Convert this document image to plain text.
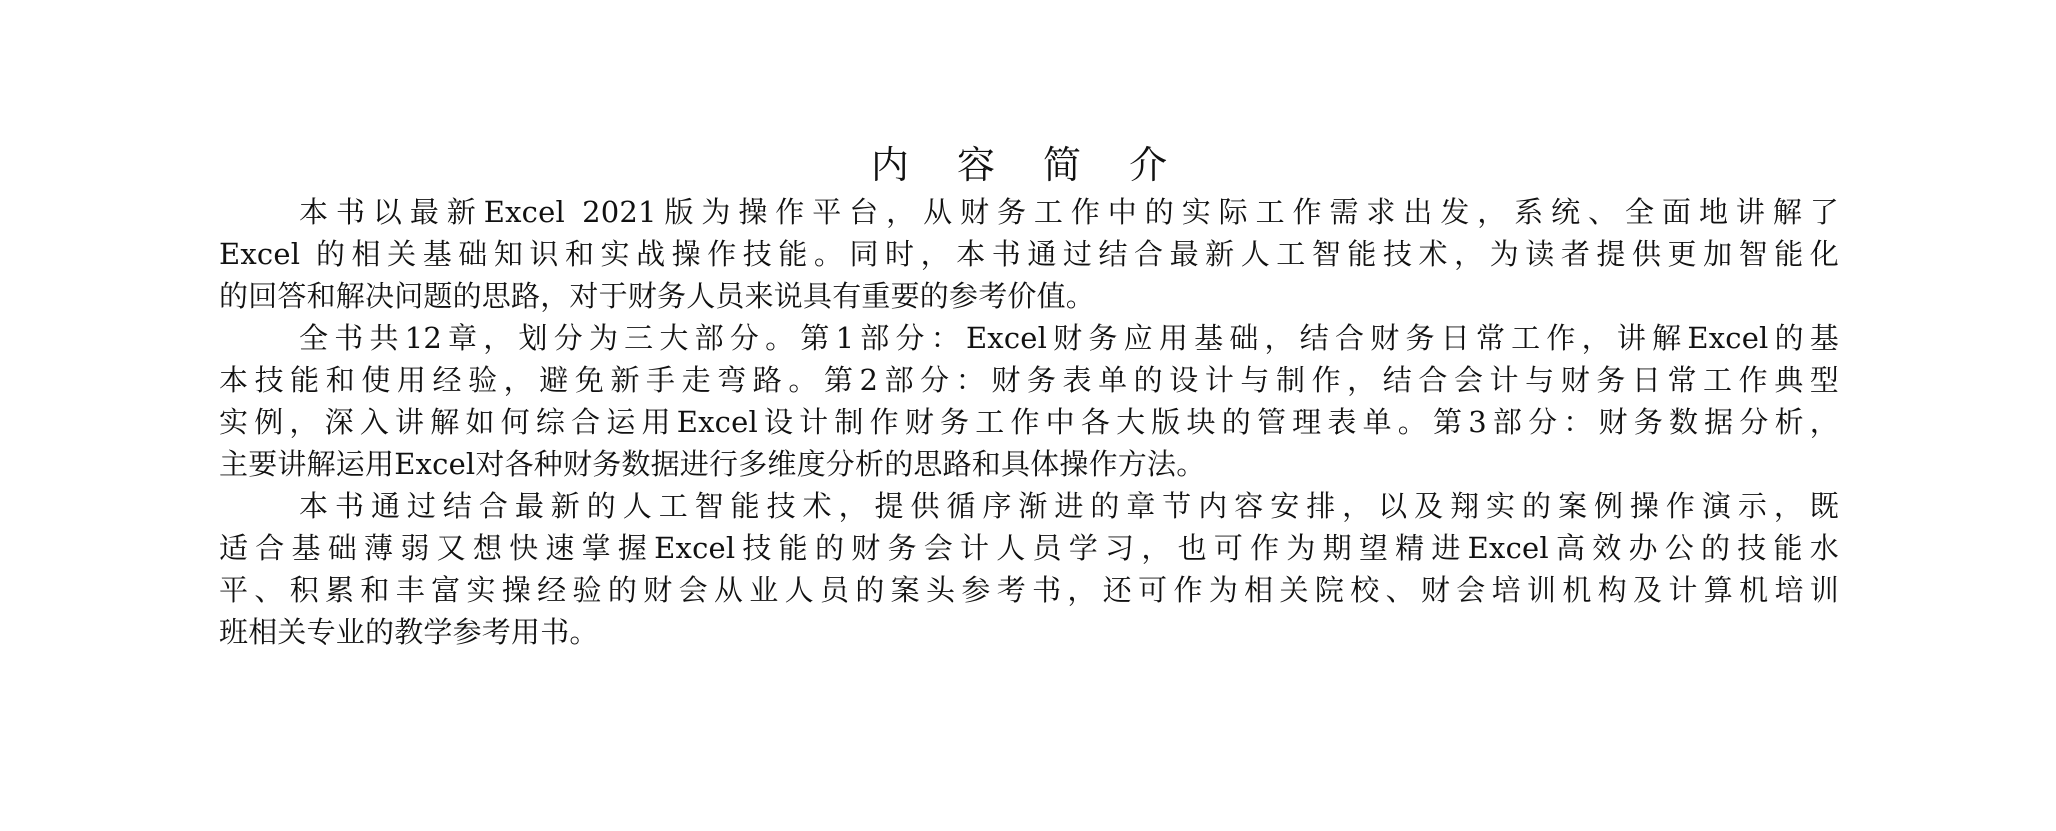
内 容 简 介
本书以最新Excel 2021版为操作平台，从财务工作中的实际工作需求出发，系统、全面地讲解了
Excel 的相关基础知识和实战操作技能。同时，本书通过结合最新人工智能技术，为读者提供更加智能化
的回答和解决问题的思路，对于财务人员来说具有重要的参考价值。
全书共12章，划分为三大部分。第1部分：Excel财务应用基础，结合财务日常工作，讲解Excel的基
本技能和使用经验，避免新手走弯路。第2部分：财务表单的设计与制作，结合会计与财务日常工作典型
实例，深入讲解如何综合运用Excel设计制作财务工作中各大版块的管理表单。第3部分：财务数据分析，
主要讲解运用Excel对各种财务数据进行多维度分析的思路和具体操作方法。
本书通过结合最新的人工智能技术，提供循序渐进的章节内容安排，以及翔实的案例操作演示，既
适合基础薄弱又想快速掌握Excel技能的财务会计人员学习，也可作为期望精进Excel高效办公的技能水
平、积累和丰富实操经验的财会从业人员的案头参考书，还可作为相关院校、财会培训机构及计算机培训
班相关专业的教学参考用书。
